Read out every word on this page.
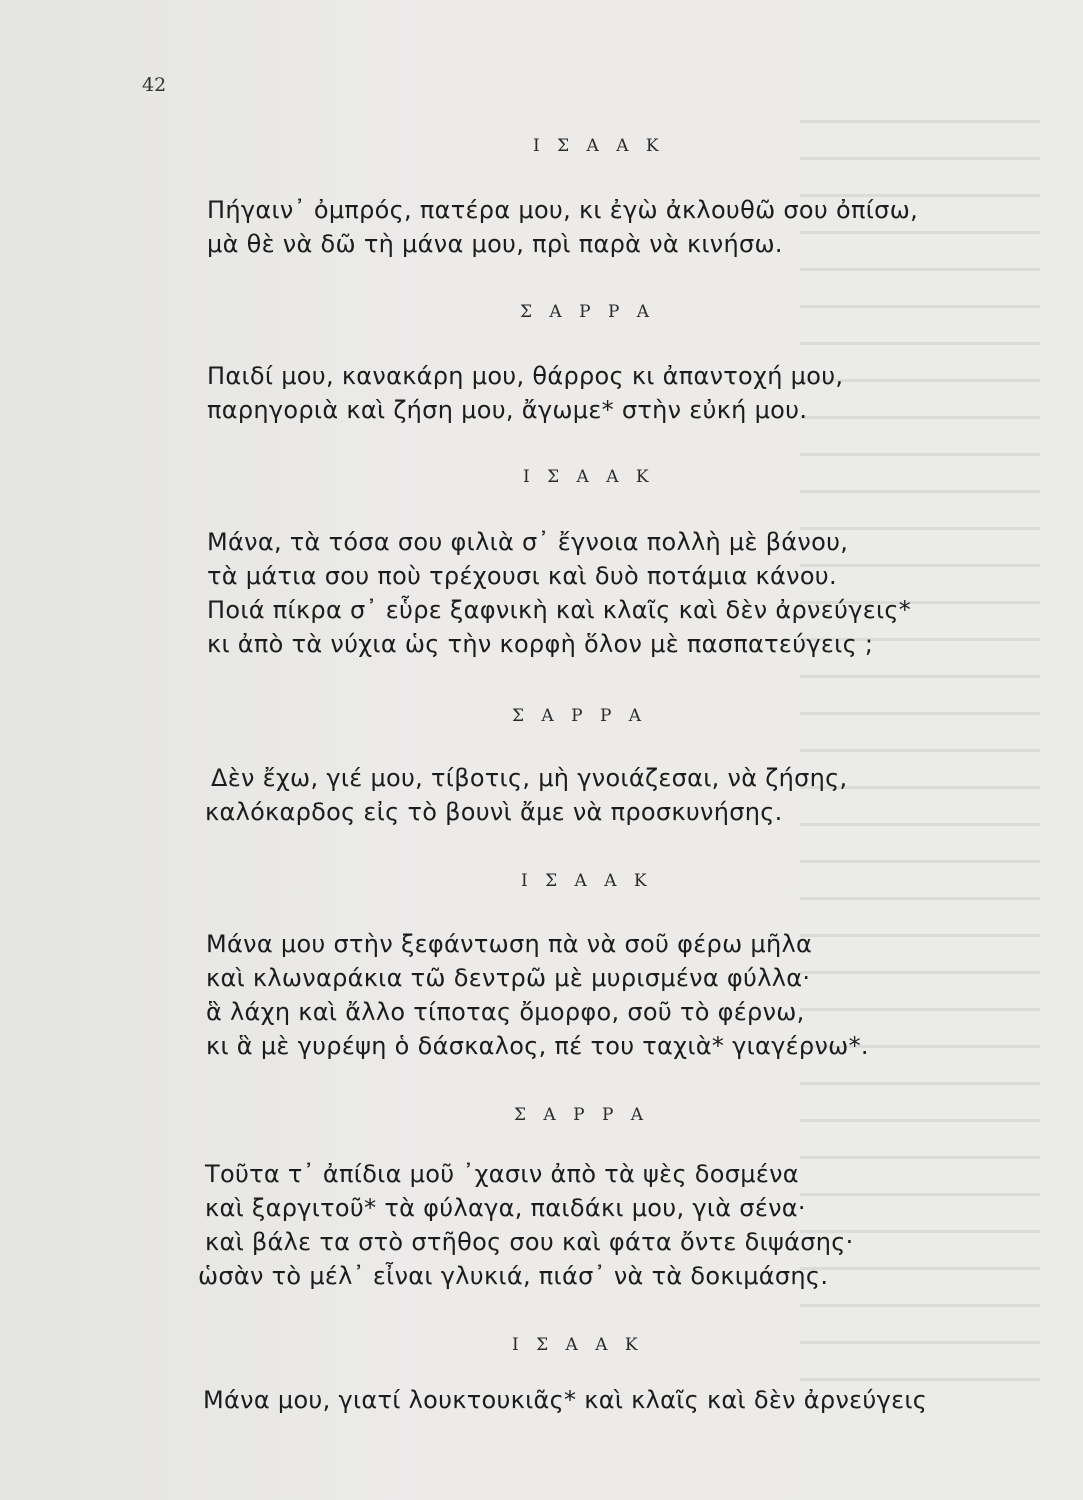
42
Ι Σ Α Α Κ
Πήγαιν᾿ ὀμπρός, πατέρα μου, κι ἐγὼ ἀκλουθῶ σου ὀπίσω,
μὰ θὲ νὰ δῶ τὴ μάνα μου, πρὶ παρὰ νὰ κινήσω.
Σ Α Ρ Ρ Α
Παιδί μου, κανακάρη μου, θάρρος κι ἀπαντοχή μου,
παρηγοριὰ καὶ ζήση μου, ἄγωμε* στὴν εὐκή μου.
Ι Σ Α Α Κ
Μάνα, τὰ τόσα σου φιλιὰ σ᾿ ἔγνοια πολλὴ μὲ βάνου,
τὰ μάτια σου ποὺ τρέχουσι καὶ δυὸ ποτάμια κάνου.
Ποιά πίκρα σ᾿ εὗρε ξαφνικὴ καὶ κλαῖς καὶ δὲν ἀρνεύγεις*
κι ἀπὸ τὰ νύχια ὡς τὴν κορφὴ ὅλον μὲ πασπατεύγεις ;
Σ Α Ρ Ρ Α
Δὲν ἔχω, γιέ μου, τίβοτις, μὴ γνοιάζεσαι, νὰ ζήσης,
καλόκαρδος εἰς τὸ βουνὶ ἄμε νὰ προσκυνήσης.
Ι Σ Α Α Κ
Μάνα μου στὴν ξεφάντωση πὰ νὰ σοῦ φέρω μῆλα
καὶ κλωναράκια τῶ δεντρῶ μὲ μυρισμένα φύλλα·
ἃ λάχη καὶ ἄλλο τίποτας ὄμορφο, σοῦ τὸ φέρνω,
κι ἃ μὲ γυρέψη ὁ δάσκαλος, πέ του ταχιὰ* γιαγέρνω*.
Σ Α Ρ Ρ Α
Τοῦτα τ᾿ ἀπίδια μοῦ ᾿χασιν ἀπὸ τὰ ψὲς δοσμένα
καὶ ξαργιτοῦ* τὰ φύλαγα, παιδάκι μου, γιὰ σένα·
καὶ βάλε τα στὸ στῆθος σου καὶ φάτα ὄντε διψάσης·
ὡσὰν τὸ μέλ᾿ εἶναι γλυκιά, πιάσ᾿ νὰ τὰ δοκιμάσης.
Ι Σ Α Α Κ
Μάνα μου, γιατί λουκτουκιᾶς* καὶ κλαῖς καὶ δὲν ἀρνεύγεις
